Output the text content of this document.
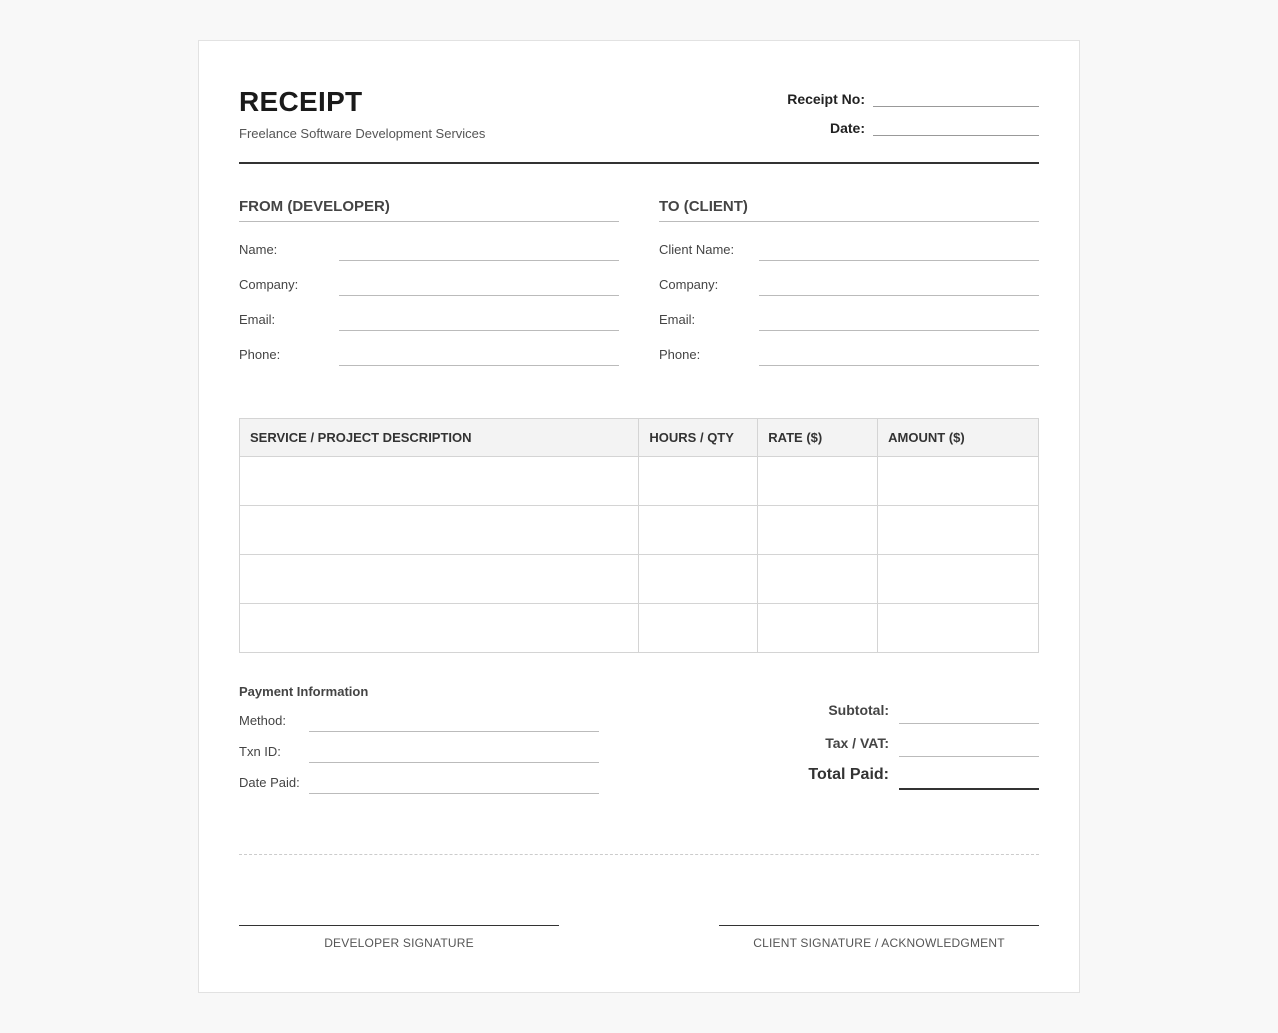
RECEIPT
Freelance Software Development Services
Receipt No:
Date:
FROM (DEVELOPER)
Name:
Company:
Email:
Phone:
TO (CLIENT)
Client Name:
Company:
Email:
Phone:
SERVICE / PROJECT DESCRIPTION	HOURS / QTY	RATE ($)	AMOUNT ($)

Payment Information
Method:
Txn ID:
Date Paid:
Subtotal:
Tax / VAT:
Total Paid:
DEVELOPER SIGNATURE	CLIENT SIGNATURE / ACKNOWLEDGMENT
